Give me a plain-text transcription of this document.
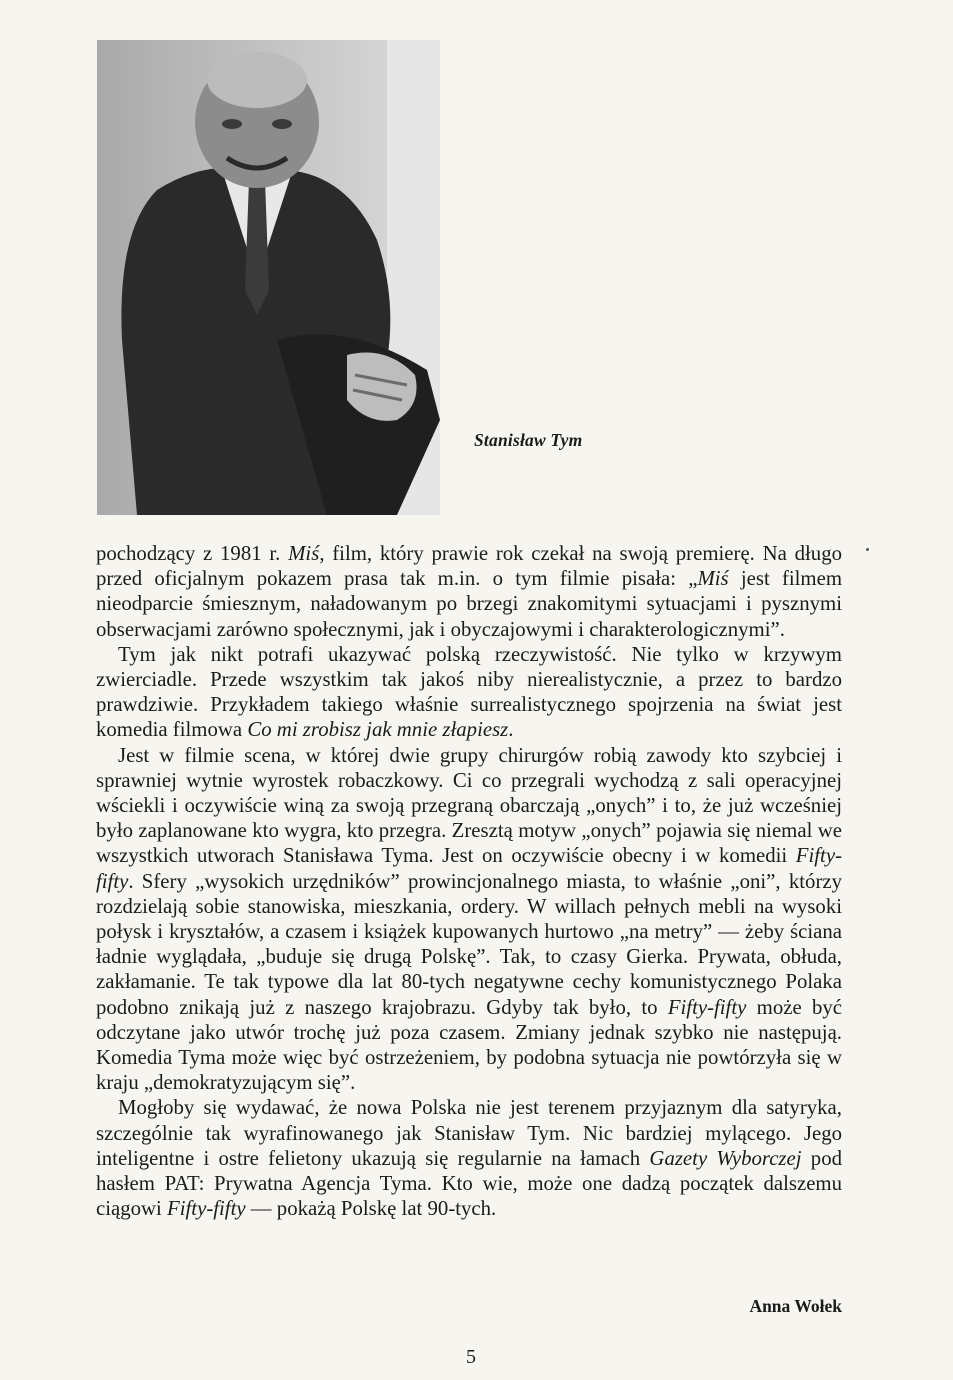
Stanisław Tym

pochodzący z 1981 r. Miś, film, który prawie rok czekał na swoją premierę. Na długo przed oficjalnym pokazem prasa tak m.in. o tym filmie pisała: „Miś jest filmem nieodparcie śmiesznym, naładowanym po brzegi znakomitymi sytuacjami i pysznymi obserwacjami zarówno społecznymi, jak i obyczajowymi i charakterologicznymi”.

Tym jak nikt potrafi ukazywać polską rzeczywistość. Nie tylko w krzywym zwierciadle. Przede wszystkim tak jakoś niby nierealistycznie, a przez to bardzo prawdziwie. Przykładem takiego właśnie surrealistycznego spojrzenia na świat jest komedia filmowa Co mi zrobisz jak mnie złapiesz.

Jest w filmie scena, w której dwie grupy chirurgów robią zawody kto szybciej i sprawniej wytnie wyrostek robaczkowy. Ci co przegrali wychodzą z sali operacyjnej wściekli i oczywiście winą za swoją przegraną obarczają „onych” i to, że już wcześniej było zaplanowane kto wygra, kto przegra. Zresztą motyw „onych” pojawia się niemal we wszystkich utworach Stanisława Tyma. Jest on oczywiście obecny i w komedii Fifty-fifty. Sfery „wysokich urzędników” prowincjonalnego miasta, to właśnie „oni”, którzy rozdzielają sobie stanowiska, mieszkania, ordery. W willach pełnych mebli na wysoki połysk i kryształów, a czasem i książek kupowanych hurtowo „na metry” — żeby ściana ładnie wyglądała, „buduje się drugą Polskę”. Tak, to czasy Gierka. Prywata, obłuda, zakłamanie. Te tak typowe dla lat 80-tych negatywne cechy komunistycznego Polaka podobno znikają już z naszego krajobrazu. Gdyby tak było, to Fifty-fifty może być odczytane jako utwór trochę już poza czasem. Zmiany jednak szybko nie następują. Komedia Tyma może więc być ostrzeżeniem, by podobna sytuacja nie powtórzyła się w kraju „demokratyzującym się”.

Mogłoby się wydawać, że nowa Polska nie jest terenem przyjaznym dla satyryka, szczególnie tak wyrafinowanego jak Stanisław Tym. Nic bardziej mylącego. Jego inteligentne i ostre felietony ukazują się regularnie na łamach Gazety Wyborczej pod hasłem PAT: Prywatna Agencja Tyma. Kto wie, może one dadzą początek dalszemu ciągowi Fifty-fifty — pokażą Polskę lat 90-tych.

Anna Wołek
5
